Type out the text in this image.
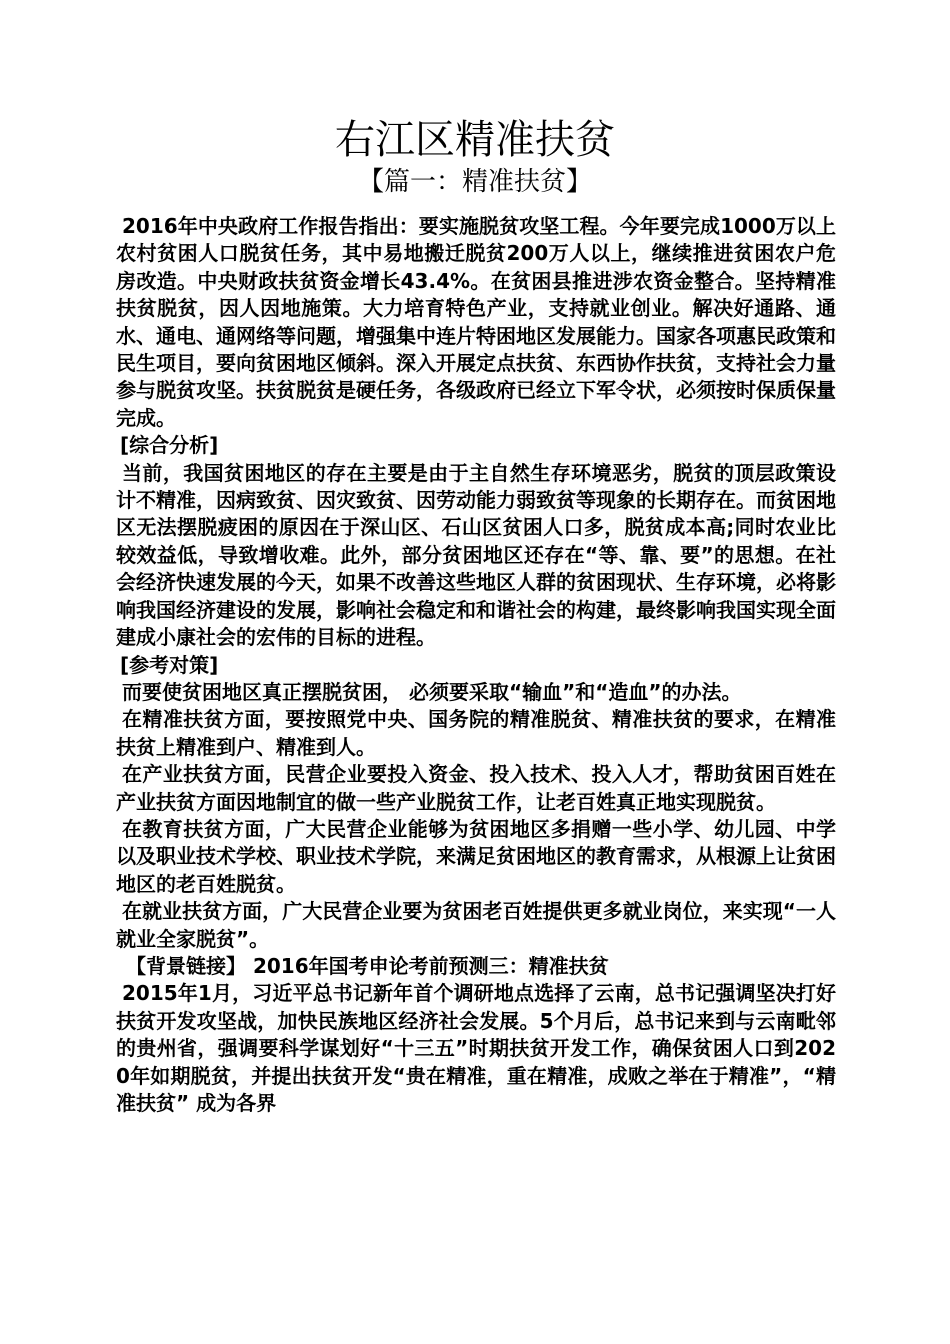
右江区精准扶贫
【篇一：精准扶贫】

2016年中央政府工作报告指出：要实施脱贫攻坚工程。今年要完成1000万以上农村贫困人口脱贫任务，其中易地搬迁脱贫200万人以上，继续推进贫困农户危房改造。中央财政扶贫资金增长43.4%。在贫困县推进涉农资金整合。坚持精准扶贫脱贫，因人因地施策。大力培育特色产业，支持就业创业。解决好通路、通水、通电、通网络等问题，增强集中连片特困地区发展能力。国家各项惠民政策和民生项目，要向贫困地区倾斜。深入开展定点扶贫、东西协作扶贫，支持社会力量参与脱贫攻坚。扶贫脱贫是硬任务，各级政府已经立下军令状，必须按时保质保量完成。

[综合分析]

当前，我国贫困地区的存在主要是由于主自然生存环境恶劣，脱贫的顶层政策设计不精准，因病致贫、因灾致贫、因劳动能力弱致贫等现象的长期存在。而贫困地区无法摆脱疲困的原因在于深山区、石山区贫困人口多，脱贫成本高;同时农业比较效益低，导致增收难。此外，部分贫困地区还存在“等、靠、要”的思想。在社会经济快速发展的今天，如果不改善这些地区人群的贫困现状、生存环境，必将影响我国经济建设的发展，影响社会稳定和和谐社会的构建，最终影响我国实现全面建成小康社会的宏伟的目标的进程。

[参考对策]

而要使贫困地区真正摆脱贫困， 必须要采取“输血”和“造血”的办法。

在精准扶贫方面，要按照党中央、国务院的精准脱贫、精准扶贫的要求，在精准扶贫上精准到户、精准到人。

在产业扶贫方面，民营企业要投入资金、投入技术、投入人才，帮助贫困百姓在产业扶贫方面因地制宜的做一些产业脱贫工作，让老百姓真正地实现脱贫。

在教育扶贫方面，广大民营企业能够为贫困地区多捐赠一些小学、幼儿园、中学以及职业技术学校、职业技术学院，来满足贫困地区的教育需求，从根源上让贫困地区的老百姓脱贫。

在就业扶贫方面，广大民营企业要为贫困老百姓提供更多就业岗位，来实现“一人就业全家脱贫”。

【背景链接】 2016年国考申论考前预测三：精准扶贫

2015年1月，习近平总书记新年首个调研地点选择了云南，总书记强调坚决打好扶贫开发攻坚战，加快民族地区经济社会发展。5个月后，总书记来到与云南毗邻的贵州省，强调要科学谋划好“十三五”时期扶贫开发工作，确保贫困人口到2020年如期脱贫，并提出扶贫开发“贵在精准，重在精准，成败之举在于精准”，“精准扶贫” 成为各界
